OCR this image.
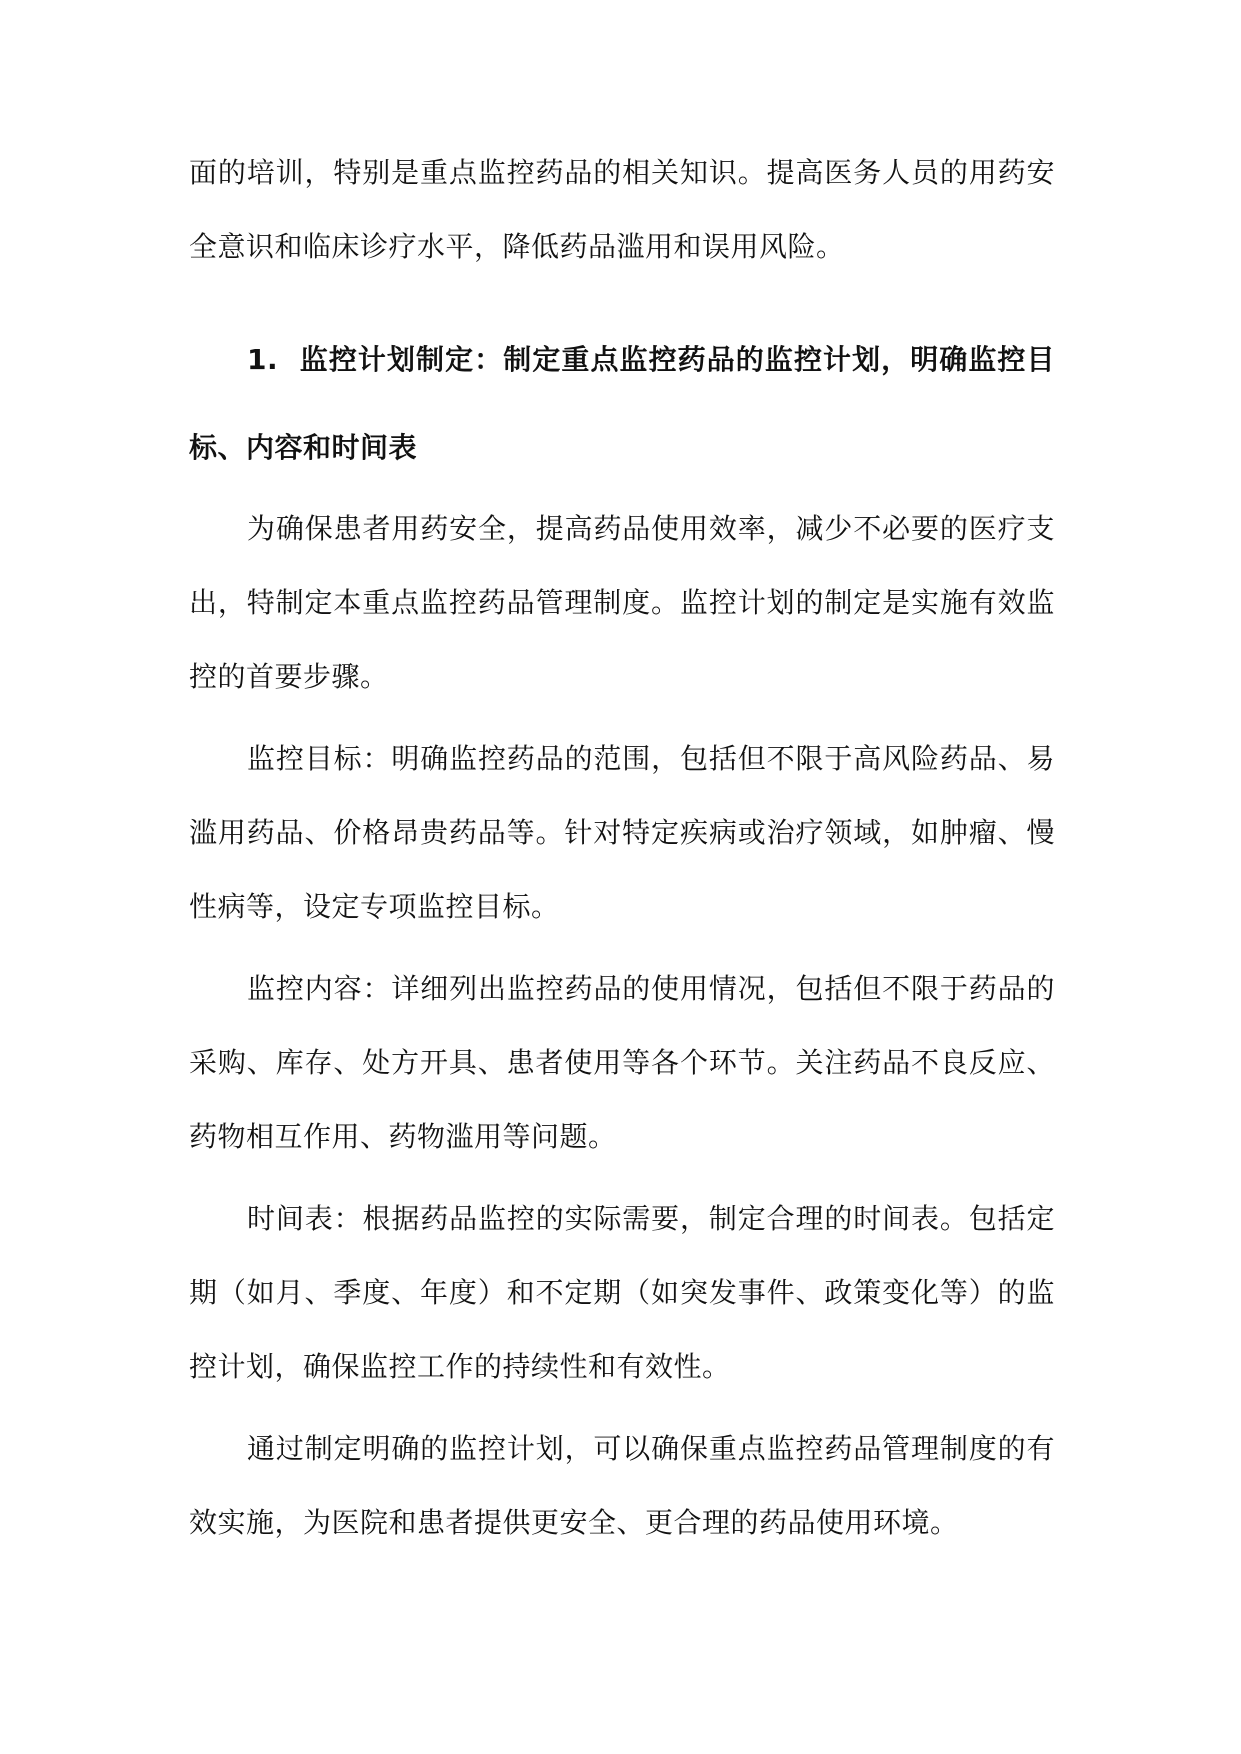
面的培训，特别是重点监控药品的相关知识。提高医务人员的用药安全意识和临床诊疗水平，降低药品滥用和误用风险。

1. 监控计划制定：制定重点监控药品的监控计划，明确监控目标、内容和时间表

为确保患者用药安全，提高药品使用效率，减少不必要的医疗支出，特制定本重点监控药品管理制度。监控计划的制定是实施有效监控的首要步骤。

监控目标：明确监控药品的范围，包括但不限于高风险药品、易滥用药品、价格昂贵药品等。针对特定疾病或治疗领域，如肿瘤、慢性病等，设定专项监控目标。

监控内容：详细列出监控药品的使用情况，包括但不限于药品的采购、库存、处方开具、患者使用等各个环节。关注药品不良反应、药物相互作用、药物滥用等问题。

时间表：根据药品监控的实际需要，制定合理的时间表。包括定期（如月、季度、年度）和不定期（如突发事件、政策变化等）的监控计划，确保监控工作的持续性和有效性。

通过制定明确的监控计划，可以确保重点监控药品管理制度的有效实施，为医院和患者提供更安全、更合理的药品使用环境。
